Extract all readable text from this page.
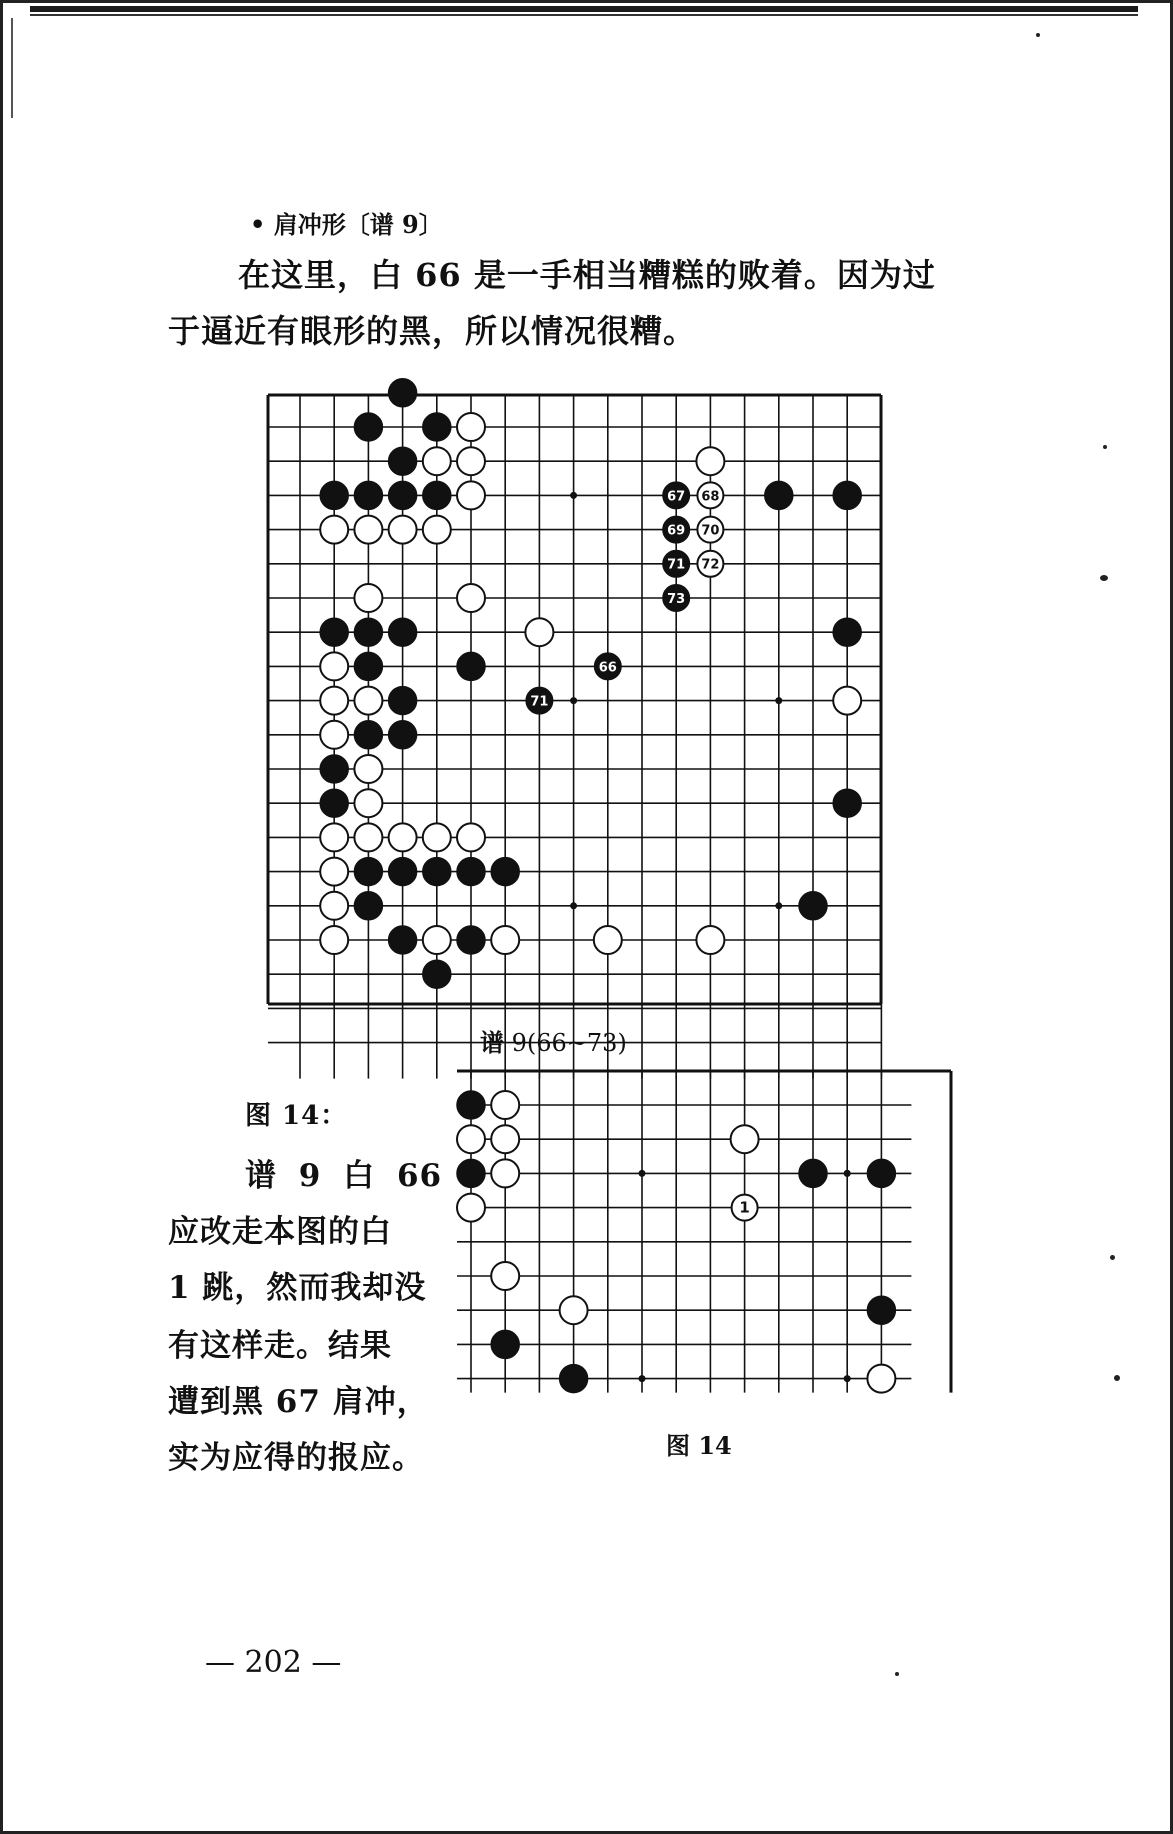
• 肩冲形〔谱 9〕
在这里，白 66 是一手相当糟糕的败着。因为过
于逼近有眼形的黑，所以情况很糟。
67 68
69 70
71 72
73
66
71
1
谱 9(66~73)
图 14：
谱 9 白 66
应改走本图的白
1 跳，然而我却没
有这样走。结果
遭到黑 67 肩冲，
实为应得的报应。	图 14
— 202 —
